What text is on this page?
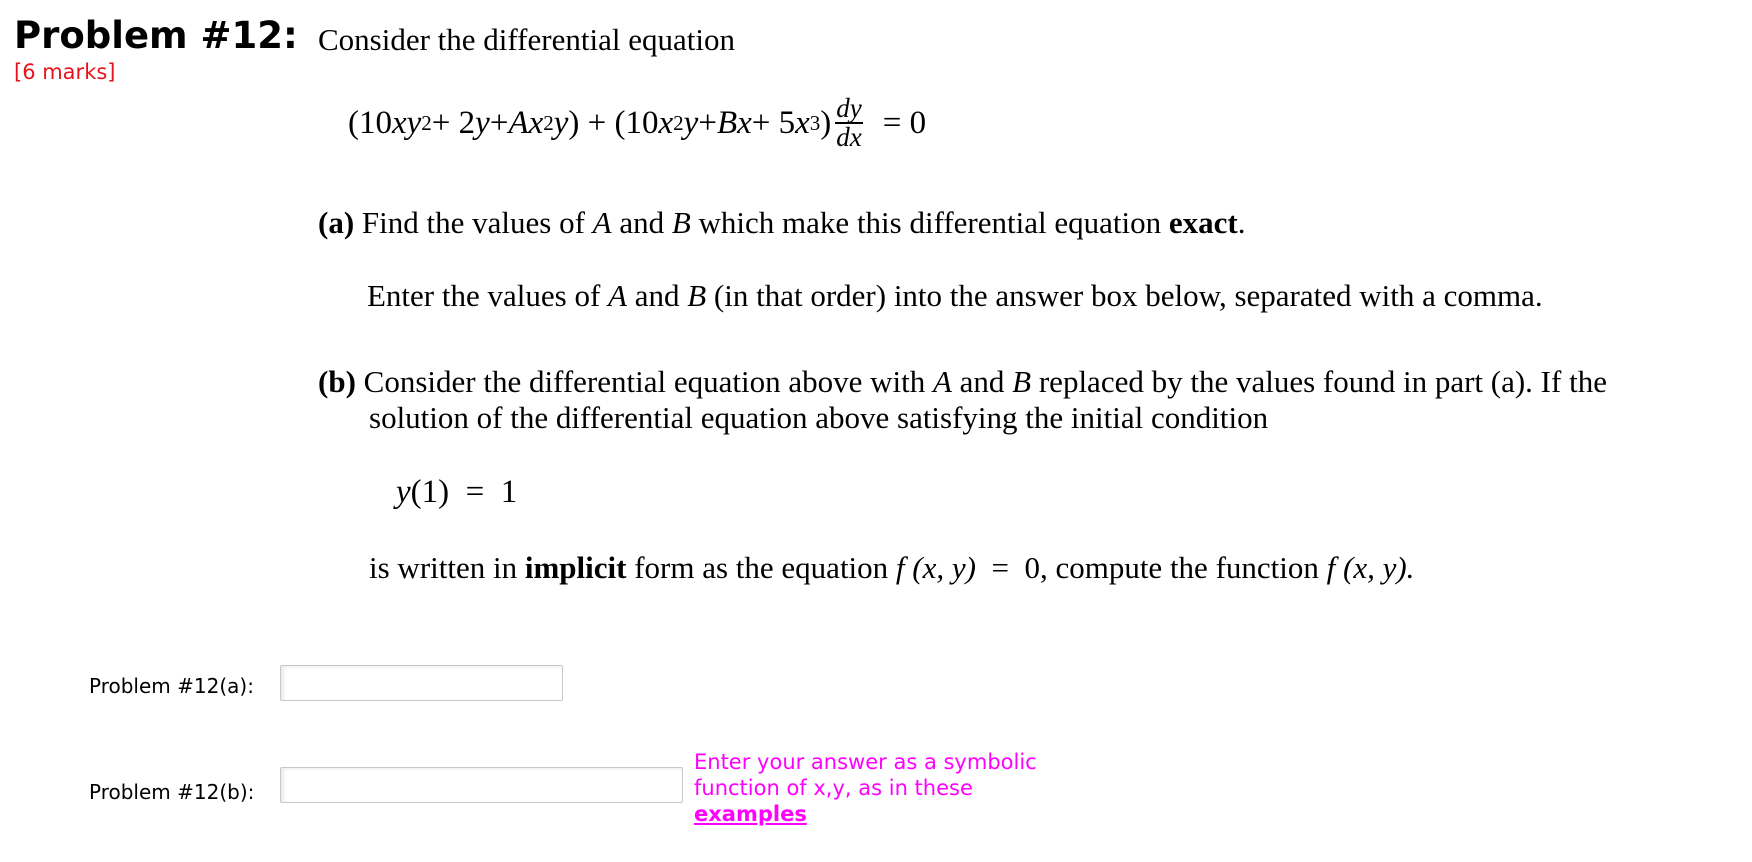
Problem #12:
[6 marks]
Consider the differential equation
(10 xy 2 + 2 y + Ax 2 y ) + (10 x 2 y + Bx + 5 x 3 ) $\frac{dy}{dx} = 0$
(a) Find the values of A and B which make this differential equation exact.
Enter the values of A and B (in that order) into the answer box below, separated with a comma.
(b) Consider the differential equation above with A and B replaced by the values found in part (a). If the
solution of the differential equation above satisfying the initial condition
y(1)  =  1
is written in implicit form as the equation f (x, y)  =  0, compute the function f (x, y).
Problem #12(a):
Problem #12(b):
Enter your answer as a symbolic
function of x,y, as in these
examples
